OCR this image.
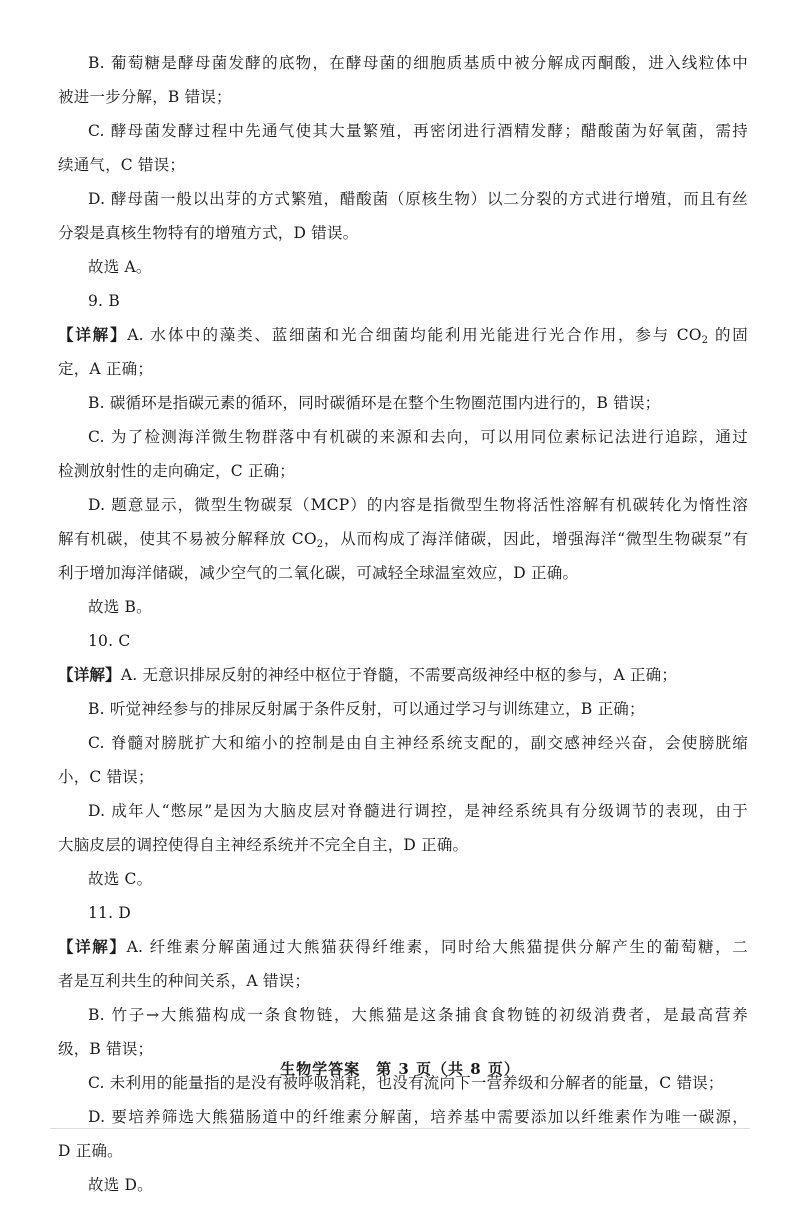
B. 葡萄糖是酵母菌发酵的底物，在酵母菌的细胞质基质中被分解成丙酮酸，进入线粒体中

被进一步分解，B 错误；

C. 酵母菌发酵过程中先通气使其大量繁殖，再密闭进行酒精发酵；醋酸菌为好氧菌，需持

续通气，C 错误；

D. 酵母菌一般以出芽的方式繁殖，醋酸菌（原核生物）以二分裂的方式进行增殖，而且有丝

分裂是真核生物特有的增殖方式，D 错误。

故选 A。

9. B

【详解】A. 水体中的藻类、蓝细菌和光合细菌均能利用光能进行光合作用，参与 $CO_2$ 的固

定，A 正确；

B. 碳循环是指碳元素的循环，同时碳循环是在整个生物圈范围内进行的，B 错误；

C. 为了检测海洋微生物群落中有机碳的来源和去向，可以用同位素标记法进行追踪，通过

检测放射性的走向确定，C 正确；

D. 题意显示，微型生物碳泵（MCP）的内容是指微型生物将活性溶解有机碳转化为惰性溶

解有机碳，使其不易被分解释放 $CO_2$，从而构成了海洋储碳，因此，增强海洋“微型生物碳泵”有

利于增加海洋储碳，减少空气的二氧化碳，可减轻全球温室效应，D 正确。

故选 B。

10. C

【详解】A. 无意识排尿反射的神经中枢位于脊髓，不需要高级神经中枢的参与，A 正确；

B. 听觉神经参与的排尿反射属于条件反射，可以通过学习与训练建立，B 正确；

C. 脊髓对膀胱扩大和缩小的控制是由自主神经系统支配的，副交感神经兴奋，会使膀胱缩

小，C 错误；

D. 成年人“憋尿”是因为大脑皮层对脊髓进行调控，是神经系统具有分级调节的表现，由于

大脑皮层的调控使得自主神经系统并不完全自主，D 正确。

故选 C。

11. D

【详解】A. 纤维素分解菌通过大熊猫获得纤维素，同时给大熊猫提供分解产生的葡萄糖，二

者是互利共生的种间关系，A 错误；

B. 竹子→大熊猫构成一条食物链，大熊猫是这条捕食食物链的初级消费者，是最高营养

级，B 错误；

C. 未利用的能量指的是没有被呼吸消耗，也没有流向下一营养级和分解者的能量，C 错误；

D. 要培养筛选大熊猫肠道中的纤维素分解菌，培养基中需要添加以纤维素作为唯一碳源，

D 正确。

故选 D。

生物学答案　第 3 页（共 8 页）
